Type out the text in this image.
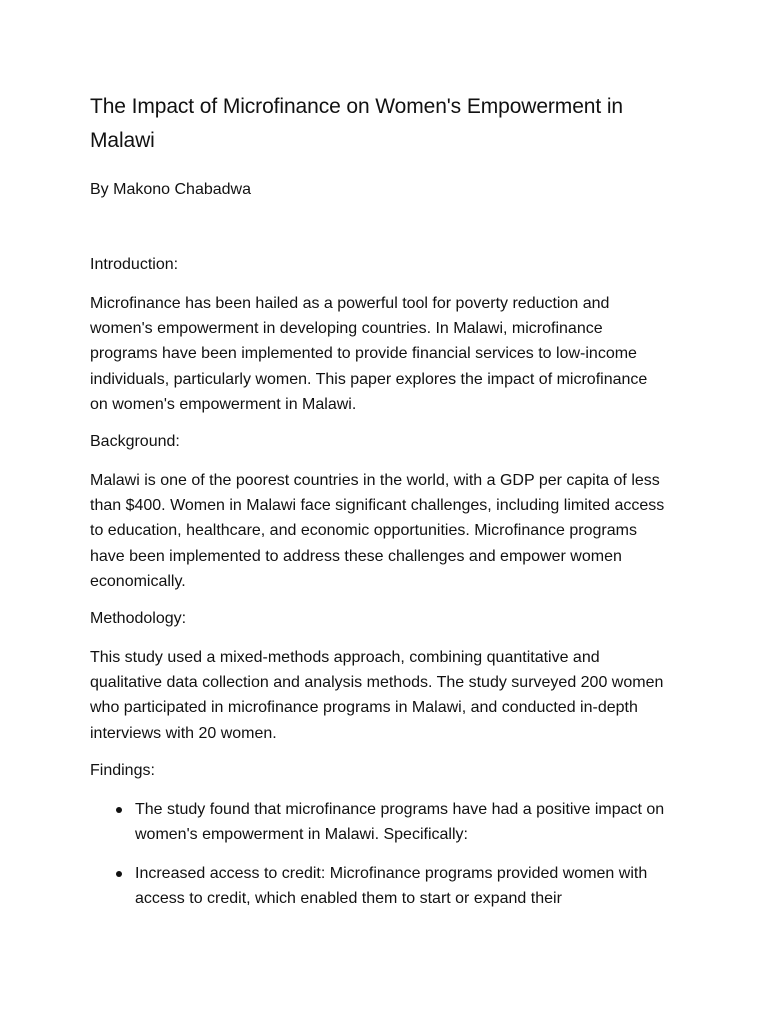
The Impact of Microfinance on Women's Empowerment in Malawi

By Makono Chabadwa

Introduction:

Microfinance has been hailed as a powerful tool for poverty reduction and women's empowerment in developing countries. In Malawi, microfinance programs have been implemented to provide financial services to low-income individuals, particularly women. This paper explores the impact of microfinance on women's empowerment in Malawi.

Background:

Malawi is one of the poorest countries in the world, with a GDP per capita of less than $400. Women in Malawi face significant challenges, including limited access to education, healthcare, and economic opportunities. Microfinance programs have been implemented to address these challenges and empower women economically.

Methodology:

This study used a mixed-methods approach, combining quantitative and qualitative data collection and analysis methods. The study surveyed 200 women who participated in microfinance programs in Malawi, and conducted in-depth interviews with 20 women.

Findings:
The study found that microfinance programs have had a positive impact on women's empowerment in Malawi. Specifically:
Increased access to credit: Microfinance programs provided women with access to credit, which enabled them to start or expand their
